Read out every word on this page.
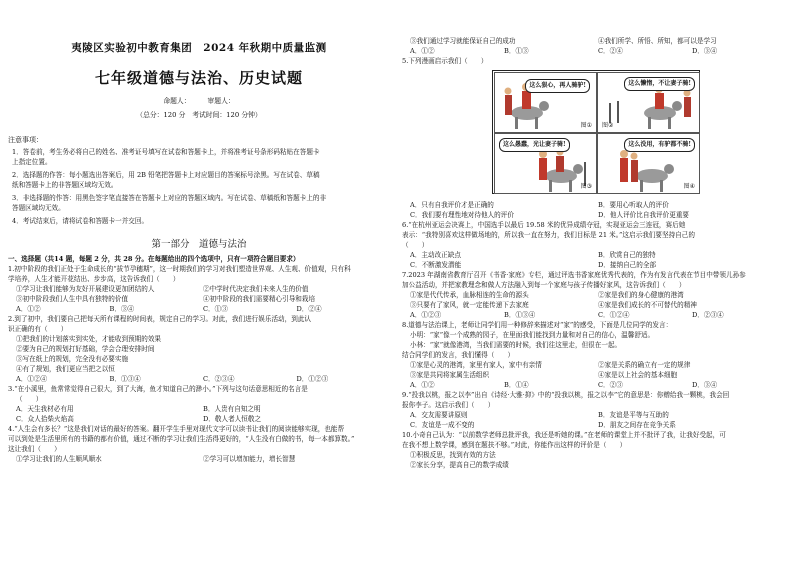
夷陵区实验初中教育集团　2024 年秋期中质量监测
七年级道德与法治、历史试题
命题人：　　　审题人：
（总分：120 分　考试时间：120 分钟）
注意事项：
1．答卷前，考生务必将自己的姓名、准考证号填写在试卷和答题卡上，并将准考证号条形码粘贴在答题卡
上指定位置。
2．选择题的作答：每小题选出答案后，用 2B 铅笔把答题卡上对应题目的答案标号涂黑。写在试卷、草稿
纸和答题卡上的非答题区域均无效。
3．非选择题的作答：用黑色签字笔直接答在答题卡上对应的答题区域内。写在试卷、草稿纸和答题卡上的非
答题区域均无效。
4．考试结束后，请将试卷和答题卡一并交回。
第一部分　道德与法治
一、选择题（共14 题，每题 2 分，共 28 分。在每题给出的四个选项中，只有一项符合题目要求）
1.初中阶段的我们正处于生命成长的“拔节孕穗期”，这一时期我们的学习对我们塑造世界观、人生观、价值观，只有科
学培养，人生才能开花结出、步步高，这告诉我们（　　）
①学习让我们能够为友好开展建设更加团结的人	②中学时代决定我们未来人生的价值
③初中阶段我们人生中具有独特的价值	④初中阶段的我们需要精心引导和栽培
A．①②	B．③④	C．①③	D．②④
2.到了初中，我们要自己把每天所有课程的时间表，规定自己的学习。对此，我们进行娱乐活动，到此认
识正确的有（　　）
①把我们的计划落实到实处，才能收到预期的效果
②要为自己的规划打好基础，学会合理安排时间
③写在纸上的规划，完全没有必要实施
④有了规划，我们更应当把之以恒
A．①②④	B．①③④	C．②③④	D．①②③
3.“在小溪里，鱼常常觉得自己很大，到了大海，鱼才知道自己的渺小。”下列与这句话意思相近的名言是
（　　）
A．天生我材必有用	B．人贵有自知之明
C．众人拾柴火焰高	D．敬人者人恒敬之
4.“人生会有多长？”这是我们对话的最好的答案。翻开学生手里对现代文字可以读书让我们的阅读能够实现，也能帮
可以到处是生活里所有的书籍的都有价值，通过不断的学习让我们生活得更好的，“人生没有白做的书，每一本都算数。”
这让我们（　　）
①学习让我们的人生顺风顺水	②学习可以增加能力，增长智慧
③我们通过学习就能保证自己的成功	④我们所学、所悟、所知，都可以是学习
A．①②	B．①③	C．②④	D．③④
5.下列漫画启示我们（　　）
这么狠心，再人骑驴!
图①
这么懒惰，不让妻子骑!
图②
这么愚蠢，光让妻子骑!
图③
这么没用，有驴都不骑!
图④
A．只有自我评价才是正确的	B．要用心听取人的评价
C．我们要有理性地对待他人的评价	D．他人评价比自我评价更重要
6.“在杭州亚运会决赛上，中国选手以最后 19.58 米的优异成绩夺冠，实现亚运会三连冠，赛后她
表示：“我特别喜欢这样做场地的，所以我一直在努力，我们目标是 21 米。”这启示我们要坚持自己的
（　　）
A．主动改正缺点	B．欣赏自己的独特
C．不断激发潜能	D．接纳自己的全部
7.2023 年湖南省教育厅召开《书香·家庭》专栏，通过评选书香家庭优秀代表的，作为有发言代表在节目中带领儿孙参
加公益活动，并把家教理念和做人方法融入到每一个家庭与孩子传播好家风，这告诉我们（　　）
①家是代代传承，血脉相连的生命的源头	②家是我们的身心健康的港湾
③只要有了家风，就一定能传递下去家庭	④家是我们成长的不可替代的精神
A．①②③	B．①③④	C．①②④	D．②③④
8.道德与法治课上，老师让同学们用一种修辞来描述对“家”的感受，下面是几位同学的发言：
小明：“家”像一个成熟的园子，在里面我们能找到力量和对自己的信心，温馨舒适。
小林：“家”就像港湾，当我们需要的时候，我们往这里走，但很在一起。
结合同学们的发言，我们懂得（　　）
①家是心灵的港湾，家里有家人，家中有亲情	②家是关系的确立有一定的规律
③家是共同将家属生活组织	④家是以上社会的基本细胞
A．①②	B．①④	C．②③	D．③④
9.“投我以桃，报之以李”出自《诗经·大雅·抑》中的“投我以桃，报之以李”它的意思是：你赠给我一颗桃，我会回
报你李子。这启示我们（　　）
A．交友需要讲原则	B．友谊是平等与互助的
C．友谊是一成不变的	D．朋友之间存在竞争关系
10.小奇自己认为：“以前数学老师总批评我，我还是听她的课。”在老师的课堂上并不批评了我，让我好受起，可
在我不想上数学课，感到在题扶不够。”对此，你能作出这样的评价是（　　）
①积极反思，找到有效的方法
②家长分享，提高自己的数学成绩
